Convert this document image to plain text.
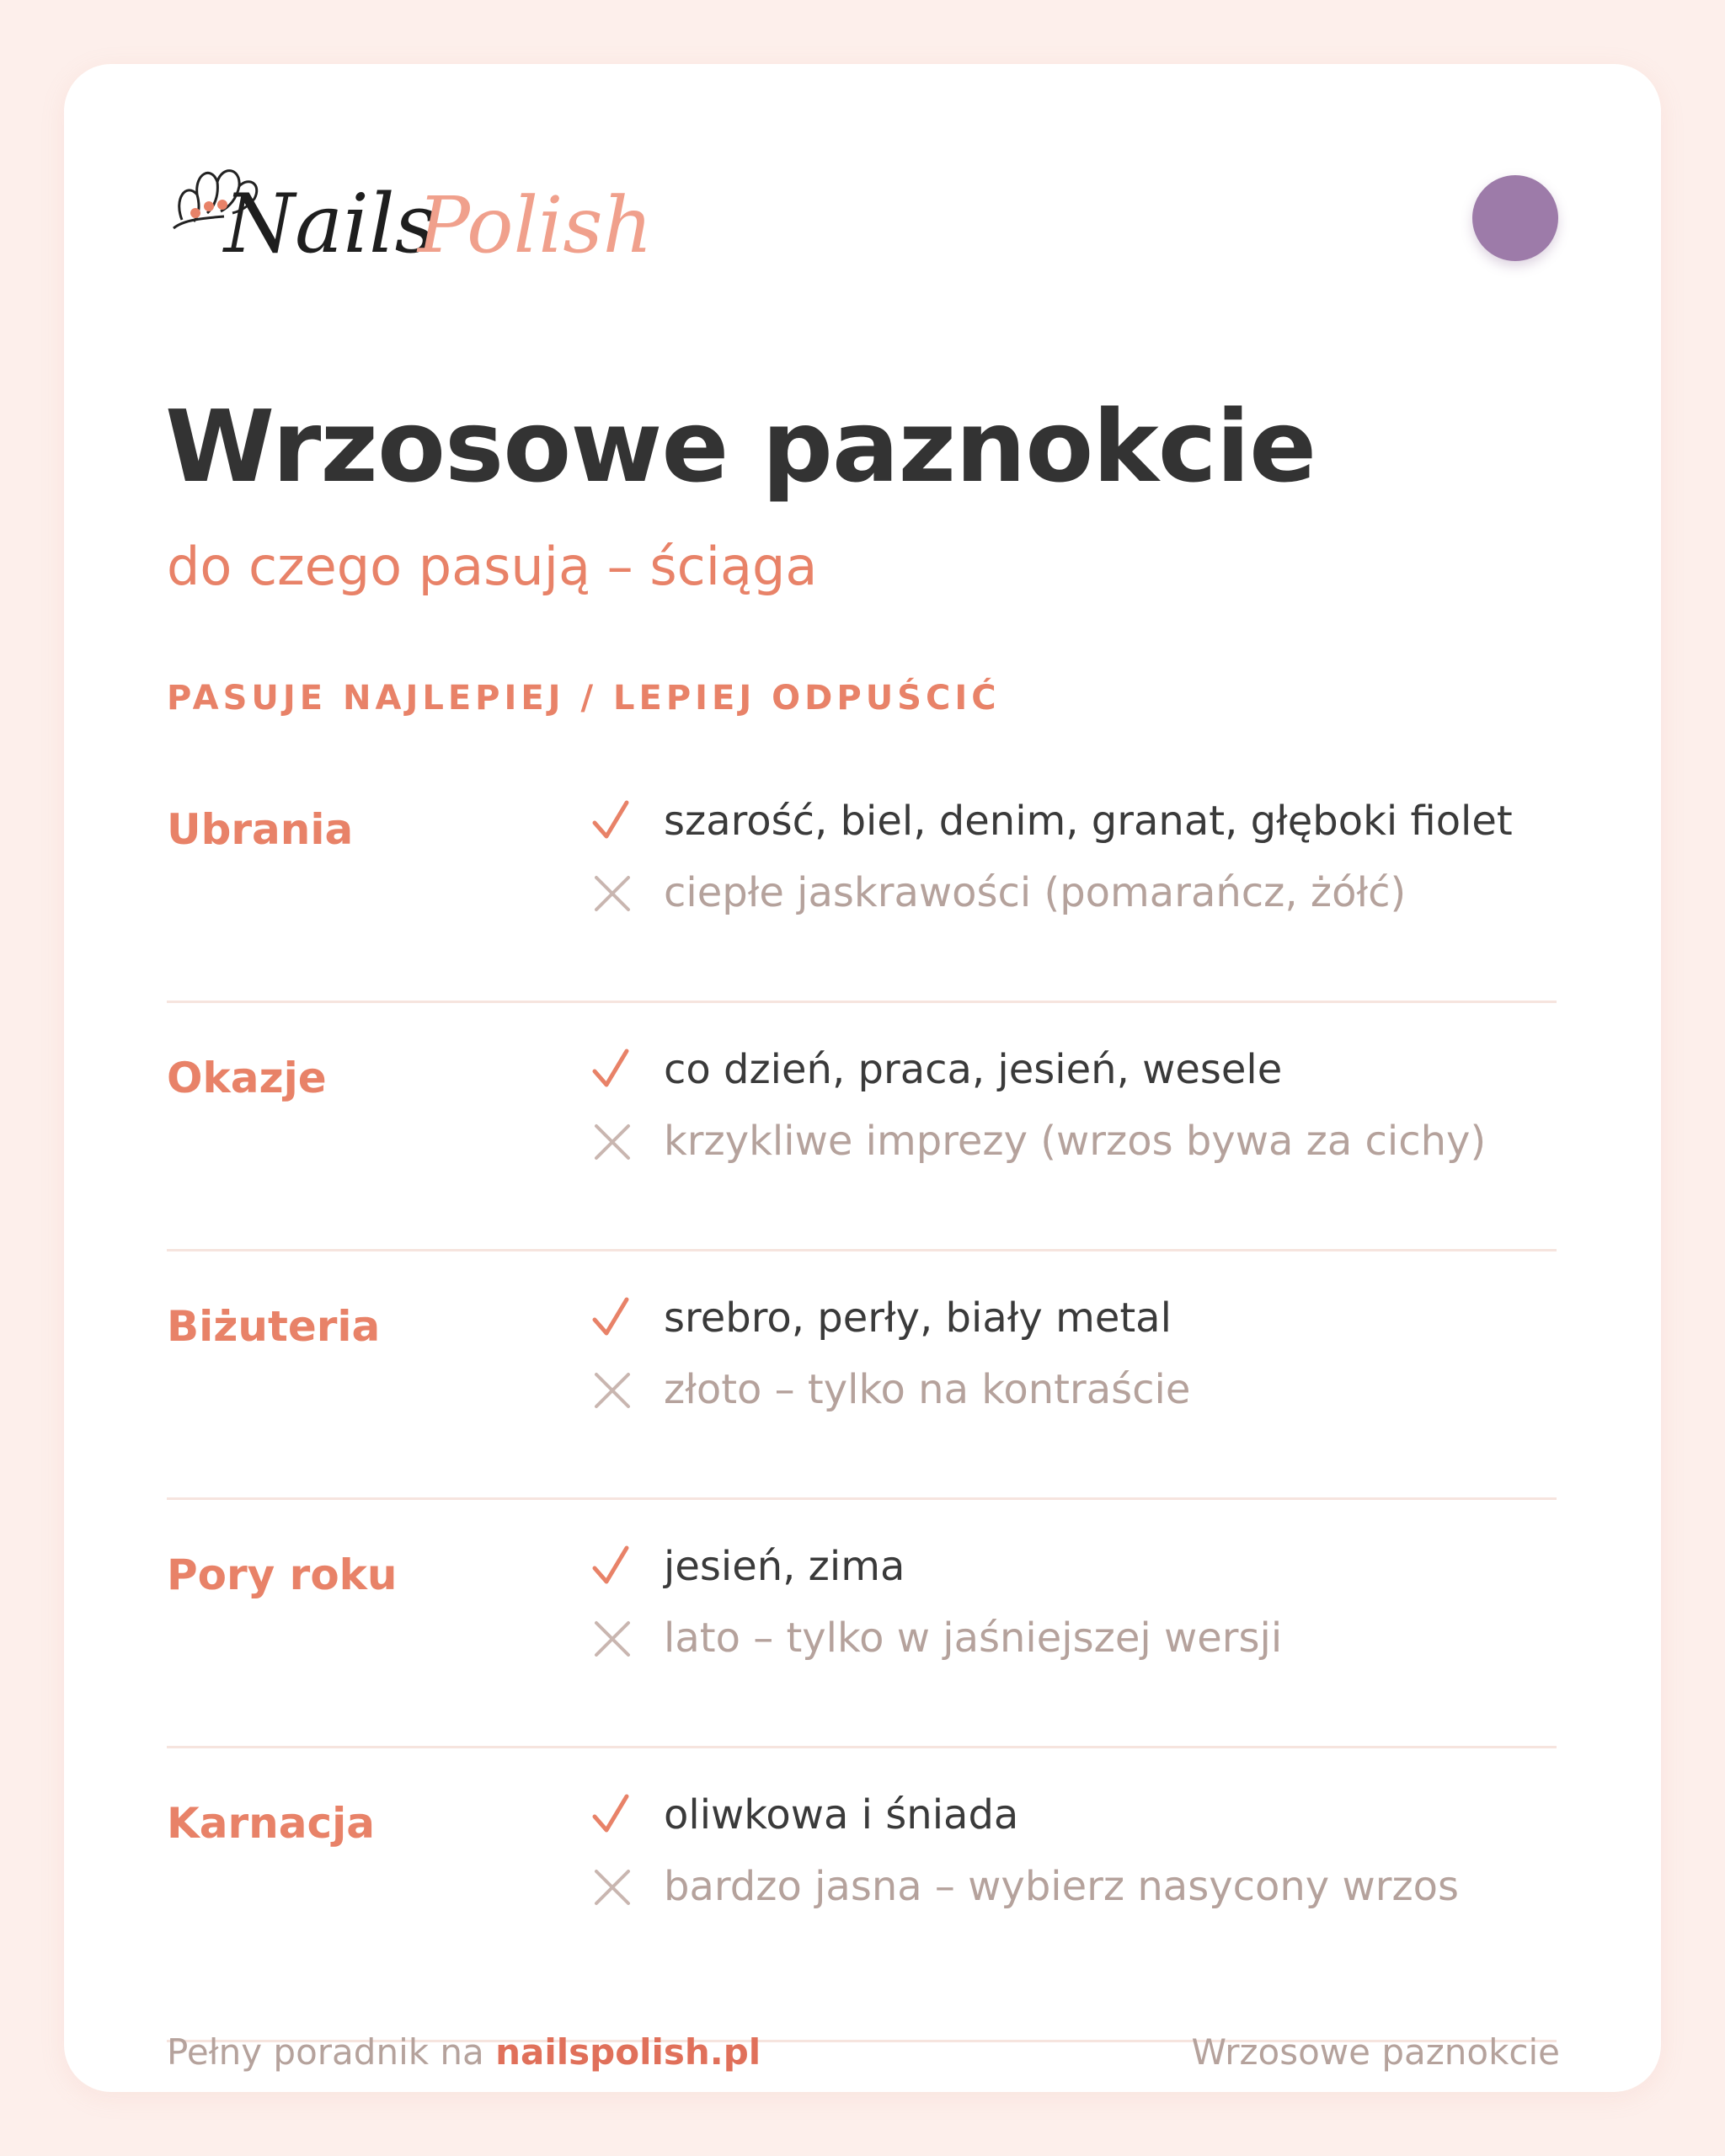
Nails
Polish
Wrzosowe paznokcie
do czego pasują – ściąga
PASUJE NAJLEPIEJ / LEPIEJ ODPUŚCIĆ
Ubrania	szarość, biel, denim, granat, głęboki fiolet
ciepłe jaskrawości (pomarańcz, żółć)
Okazje	co dzień, praca, jesień, wesele
krzykliwe imprezy (wrzos bywa za cichy)
Biżuteria	srebro, perły, biały metal
złoto – tylko na kontraście
Pory roku	jesień, zima
lato – tylko w jaśniejszej wersji
Karnacja	oliwkowa i śniada
bardzo jasna – wybierz nasycony wrzos
Pełny poradnik na nailspolish.pl	Wrzosowe paznokcie
